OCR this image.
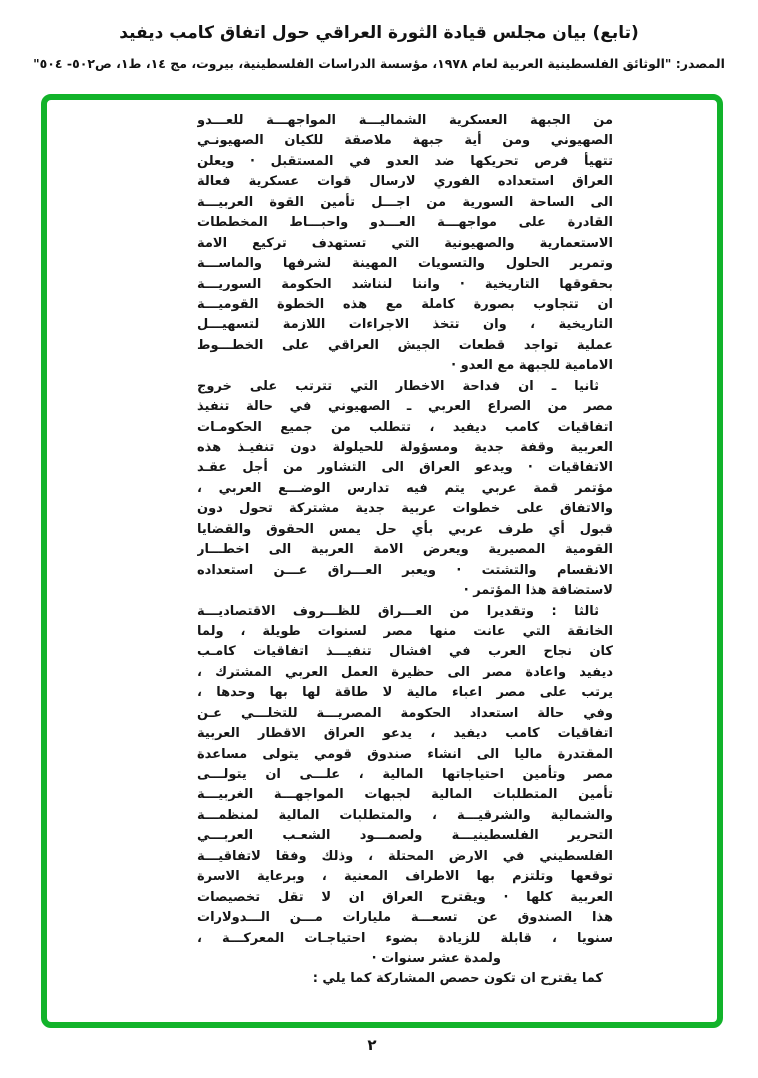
(تابع) بيان مجلس قيادة الثورة العراقي حول اتفاق كامب ديفيد
المصدر: "الوثائق الفلسطينية العربية لعام ١٩٧٨، مؤسسة الدراسات الفلسطينية، بيروت، مج ١٤، ط١، ص٥٠٢- ٥٠٤"
من الجبهة العسكرية الشماليـــة المواجهـــة للعـــدو
الصهيوني ومن أية جبهة ملاصقة للكيان الصهيونـي
تتهيأ فرص تحريكها ضد العدو في المستقبل · ويعلن
العراق استعداده الفوري لارسال قوات عسكرية فعالة
الى الساحة السورية من اجـــل تأمين القوة العربيـــة
القادرة على مواجهـــة العـــدو واحبـــاط المخططات
الاستعمارية والصهيونية التي تستهدف تركيع الامة
وتمرير الحلول والتسويات المهينة لشرفها والماســـة
بحقوقها التاريخية · واننا لنناشد الحكومة السوريـــة
ان تتجاوب بصورة كاملة مع هذه الخطوة القوميـــة
التاريخية ، وان تتخذ الاجراءات اللازمة لتسهيـــل
عملية تواجد قطعات الجيش العراقي على الخطـــوط
الامامية للجبهة مع العدو ·
ثانيا ـ ان فداحة الاخطار التي تترتب على خروج
مصر من الصراع العربي ـ الصهيوني في حالة تنفيذ
اتفاقيات كامب ديفيد ، تتطلب من جميع الحكومـات
العربية وقفة جدية ومسؤولة للحيلولة دون تنفيـذ هذه
الاتفاقيات · ويدعو العراق الى التشاور من أجل عقـد
مؤتمر قمة عربي يتم فيه تدارس الوضـــع العربي ،
والاتفاق على خطوات عربية جدية مشتركة تحول دون
قبول أي طرف عربي بأي حل يمس الحقوق والقضايا
القومية المصيرية ويعرض الامة العربية الى اخطـــار
الانقسام والتشتت · ويعبر العـــراق عـــن استعداده
لاستضافة هذا المؤتمر ·
ثالثا : وتقديرا من العـــراق للظـــروف الاقتصاديـــة
الخانقة التي عانت منها مصر لسنوات طويلة ، ولما
كان نجاح العرب في افشال تنفيـــذ اتفاقيات كامـب
ديفيد واعادة مصر الى حظيرة العمل العربي المشترك ،
يرتب على مصر اعباء مالية لا طاقة لها بها وحدها ،
وفي حالة استعداد الحكومة المصريـــة للتخلـــي عـن
اتفاقيات كامب ديفيد ، يدعو العراق الاقطار العربية
المقتدرة ماليا الى انشاء صندوق قومي يتولى مساعدة
مصر وتأمين احتياجاتها المالية ، علـــى ان يتولـــى
تأمين المتطلبات المالية لجبهات المواجهـــة الغربيـــة
والشمالية والشرقيـــة ، والمتطلبات المالية لمنظمـــة
التحرير الفلسطينيـــة ولصمـــود الشعـب العربـــي
الفلسطيني في الارض المحتلة ، وذلك وفقا لاتفاقيـــة
توقعها وتلتزم بها الاطراف المعنية ، وبرعاية الاسرة
العربية كلها · ويقترح العراق ان لا تقل تخصيصات
هذا الصندوق عن تسعـــة مليارات مـــن الـــدولارات
سنويا ، قابلة للزيادة بضوء احتياجـات المعركـــة ،
ولمدة عشر سنوات ·
كما يقترح ان تكون حصص المشاركة كما يلي :
٢
